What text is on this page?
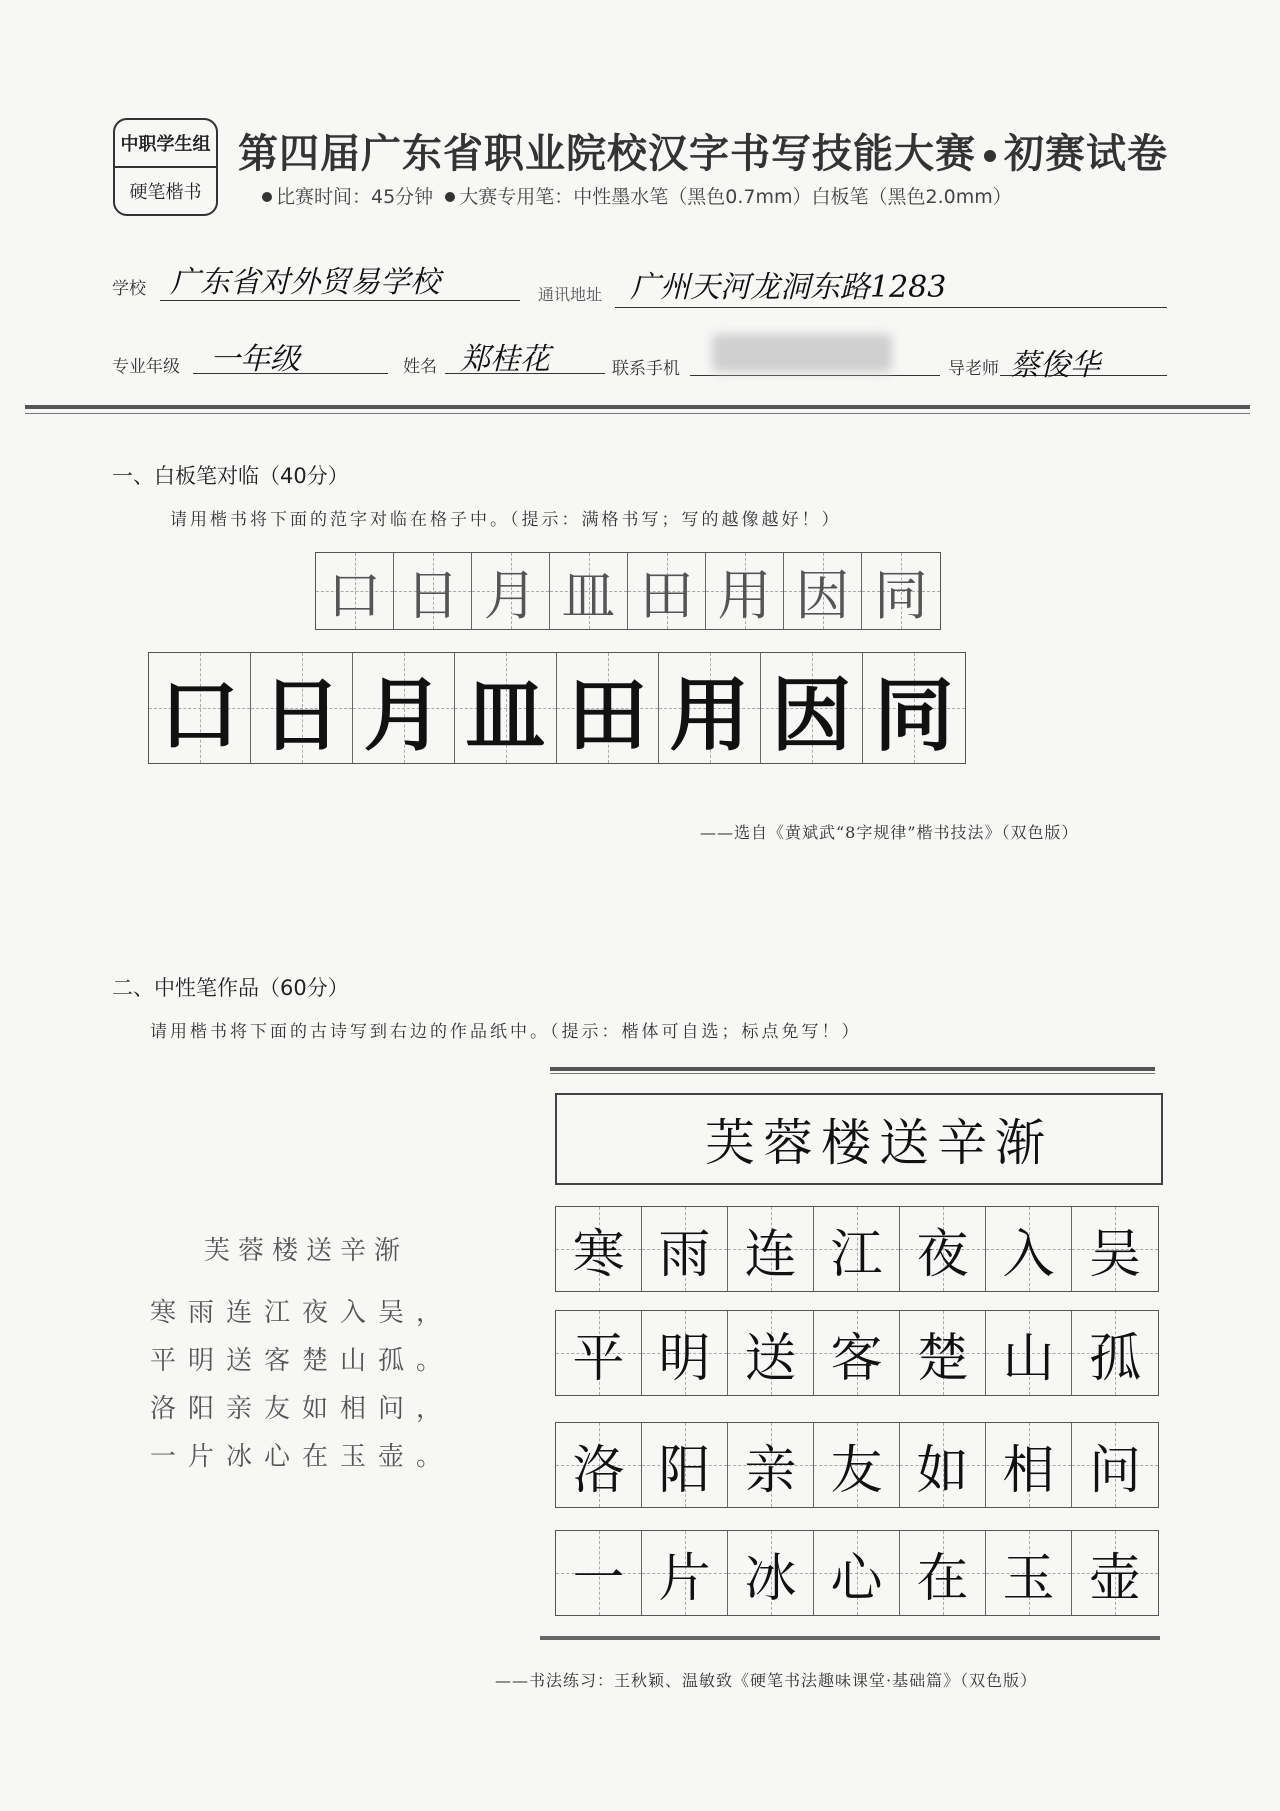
中职学生组
硬笔楷书
第四届广东省职业院校汉字书写技能大赛 初赛试卷
比赛时间：45分钟 大赛专用笔：中性墨水笔（黑色0.7mm）白板笔（黑色2.0mm）
学校 广东省对外贸易学校	通讯地址 广州天河龙洞东路1283
专业年级 一年级	姓名 郑桂花	联系手机	导老师 蔡俊华
一、白板笔对临（40分）
请用楷书将下面的范字对临在格子中。（提示：满格书写；写的越像越好！）
口 日 月 皿 田 用 因 同
口 日 月 皿 田 用 因 同
——选自《黄斌武“8字规律”楷书技法》（双色版）
二、中性笔作品（60分）
请用楷书将下面的古诗写到右边的作品纸中。（提示：楷体可自选；标点免写！）
芙蓉楼送辛渐
寒雨连江夜入吴，
平明送客楚山孤。
洛阳亲友如相问，
一片冰心在玉壶。
芙蓉楼送辛渐
寒 雨 连 江 夜 入 吴
平 明 送 客 楚 山 孤
洛 阳 亲 友 如 相 问
一 片 冰 心 在 玉 壶
——书法练习：王秋颖、温敏致《硬笔书法趣味课堂·基础篇》（双色版）
